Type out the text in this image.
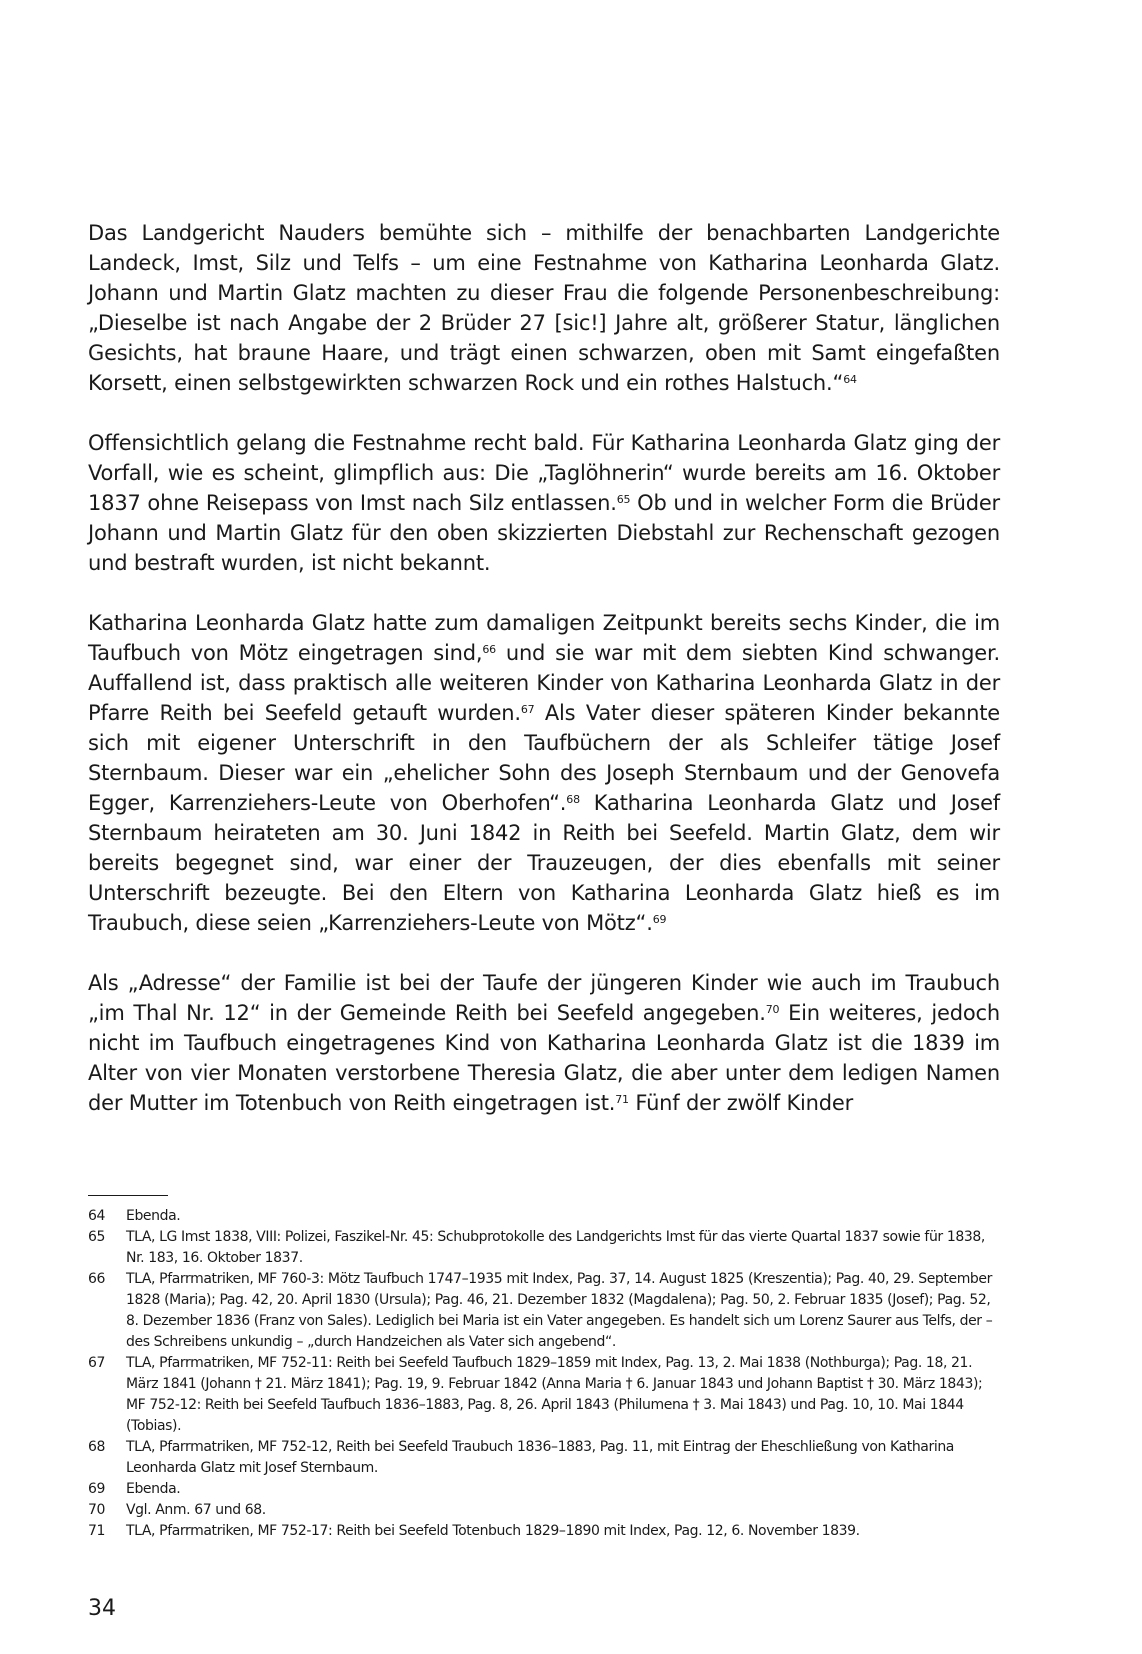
Das Landgericht Nauders bemühte sich – mithilfe der benachbarten Landgerichte Landeck, Imst, Silz und Telfs – um eine Festnahme von Katharina Leonharda Glatz. Johann und Martin Glatz machten zu dieser Frau die folgende Personenbeschreibung: „Dieselbe ist nach Angabe der 2 Brüder 27 [sic!] Jahre alt, größerer Statur, länglichen Gesichts, hat braune Haare, und trägt einen schwarzen, oben mit Samt eingefaßten Korsett, einen selbstgewirkten schwarzen Rock und ein rothes Halstuch.“$^{64}$

Offensichtlich gelang die Festnahme recht bald. Für Katharina Leonharda Glatz ging der Vorfall, wie es scheint, glimpflich aus: Die „Taglöhnerin“ wurde bereits am 16. Oktober 1837 ohne Reisepass von Imst nach Silz entlassen.$^{65}$ Ob und in welcher Form die Brüder Johann und Martin Glatz für den oben skizzierten Diebstahl zur Rechenschaft gezogen und bestraft wurden, ist nicht bekannt.

Katharina Leonharda Glatz hatte zum damaligen Zeitpunkt bereits sechs Kinder, die im Taufbuch von Mötz eingetragen sind,$^{66}$ und sie war mit dem siebten Kind schwanger. Auffallend ist, dass praktisch alle weiteren Kinder von Katharina Leonharda Glatz in der Pfarre Reith bei Seefeld getauft wurden.$^{67}$ Als Vater dieser späteren Kinder bekannte sich mit eigener Unterschrift in den Taufbüchern der als Schleifer tätige Josef Sternbaum. Dieser war ein „ehelicher Sohn des Joseph Sternbaum und der Genovefa Egger, Karrenziehers-Leute von Oberhofen“.$^{68}$ Katharina Leonharda Glatz und Josef Sternbaum heirateten am 30. Juni 1842 in Reith bei Seefeld. Martin Glatz, dem wir bereits begegnet sind, war einer der Trauzeugen, der dies ebenfalls mit seiner Unterschrift bezeugte. Bei den Eltern von Katharina Leonharda Glatz hieß es im Traubuch, diese seien „Karrenziehers-Leute von Mötz“.$^{69}$

Als „Adresse“ der Familie ist bei der Taufe der jüngeren Kinder wie auch im Traubuch „im Thal Nr. 12“ in der Gemeinde Reith bei Seefeld angegeben.$^{70}$ Ein weiteres, jedoch nicht im Taufbuch eingetragenes Kind von Katharina Leonharda Glatz ist die 1839 im Alter von vier Monaten verstorbene Theresia Glatz, die aber unter dem ledigen Namen der Mutter im Totenbuch von Reith eingetragen ist.$^{71}$ Fünf der zwölf Kinder

64	Ebenda.
65	TLA, LG Imst 1838, VIII: Polizei, Faszikel-Nr. 45: Schubprotokolle des Landgerichts Imst für das vierte Quartal 1837 sowie für 1838, Nr. 183, 16. Oktober 1837.
66	TLA, Pfarrmatriken, MF 760-3: Mötz Taufbuch 1747–1935 mit Index, Pag. 37, 14. August 1825 (Kreszentia); Pag. 40, 29. September 1828 (Maria); Pag. 42, 20. April 1830 (Ursula); Pag. 46, 21. Dezember 1832 (Magdalena); Pag. 50, 2. Februar 1835 (Josef); Pag. 52, 8. Dezember 1836 (Franz von Sales). Lediglich bei Maria ist ein Vater angegeben. Es handelt sich um Lorenz Saurer aus Telfs, der – des Schreibens unkundig – „durch Handzeichen als Vater sich angebend“.
67	TLA, Pfarrmatriken, MF 752-11: Reith bei Seefeld Taufbuch 1829–1859 mit Index, Pag. 13, 2. Mai 1838 (Nothburga); Pag. 18, 21. März 1841 (Johann † 21. März 1841); Pag. 19, 9. Februar 1842 (Anna Maria † 6. Januar 1843 und Johann Baptist † 30. März 1843); MF 752-12: Reith bei Seefeld Taufbuch 1836–1883, Pag. 8, 26. April 1843 (Philumena † 3. Mai 1843) und Pag. 10, 10. Mai 1844 (Tobias).
68	TLA, Pfarrmatriken, MF 752-12, Reith bei Seefeld Traubuch 1836–1883, Pag. 11, mit Eintrag der Eheschließung von Katharina Leonharda Glatz mit Josef Sternbaum.
69	Ebenda.
70	Vgl. Anm. 67 und 68.
71	TLA, Pfarrmatriken, MF 752-17: Reith bei Seefeld Totenbuch 1829–1890 mit Index, Pag. 12, 6. November 1839.
34
